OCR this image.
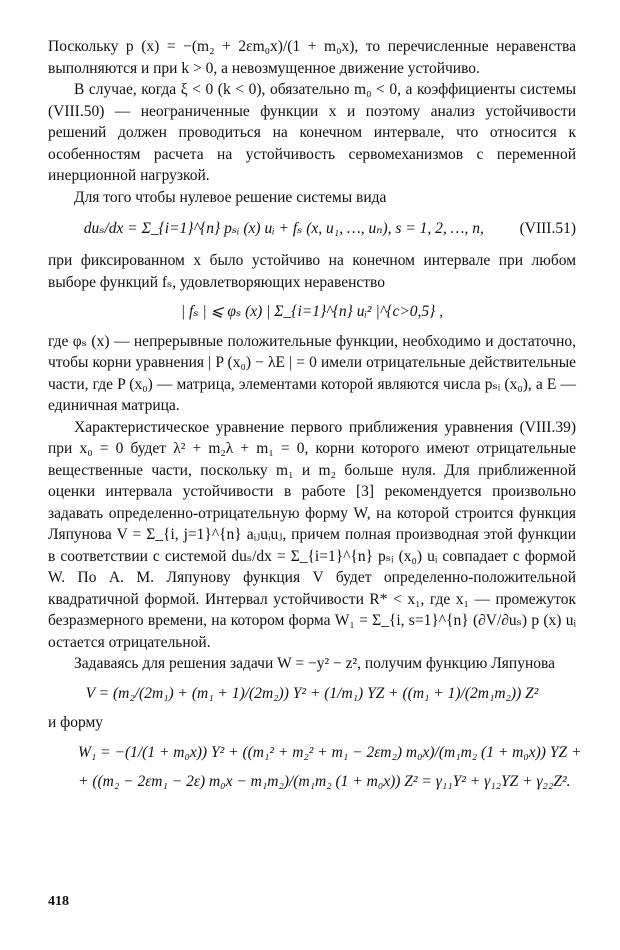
Поскольку p (x) = −(m₂ + 2εm₀x)/(1 + m₀x), то перечисленные неравенства выполняются и при k > 0, а невозмущенное движение устойчиво.

В случае, когда ξ < 0 (k < 0), обязательно m₀ < 0, а коэффициенты системы (VIII.50) — неограниченные функции x и поэтому анализ устойчивости решений должен проводиться на конечном интервале, что относится к особенностям расчета на устойчивость сервомеханизмов с переменной инерционной нагрузкой.

Для того чтобы нулевое решение системы вида

duₛ/dx = Σ_{i=1}^{n} pₛᵢ (x) uᵢ + fₛ (x, u₁, …, uₙ), s = 1, 2, …, n, (VIII.51)

при фиксированном x было устойчиво на конечном интервале при любом выборе функций fₛ, удовлетворяющих неравенство

| fₛ | ⩽ φₛ (x) | Σ_{i=1}^{n} uᵢ² |^{c>0,5} ,

где φₛ (x) — непрерывные положительные функции, необходимо и достаточно, чтобы корни уравнения | P (x₀) − λE | = 0 имели отрицательные действительные части, где P (x₀) — матрица, элементами которой являются числа pₛᵢ (x₀), а E — единичная матрица.

Характеристическое уравнение первого приближения уравнения (VIII.39) при x₀ = 0 будет λ² + m₂λ + m₁ = 0, корни которого имеют отрицательные вещественные части, поскольку m₁ и m₂ больше нуля. Для приближенной оценки интервала устойчивости в работе [3] рекомендуется произвольно задавать определенно-отрицательную форму W, на которой строится функция Ляпунова V = Σ_{i, j=1}^{n} aᵢⱼuᵢuⱼ, причем полная производная этой функции в соответствии с системой duₛ/dx = Σ_{i=1}^{n} pₛᵢ (x₀) uᵢ совпадает с формой W. По А. М. Ляпунову функция V будет определенно-положительной квадратичной формой. Интервал устойчивости R* < x₁, где x₁ — промежуток безразмерного времени, на котором форма W₁ = Σ_{i, s=1}^{n} (∂V/∂uₛ) p (x) uᵢ остается отрицательной.

Задаваясь для решения задачи W = −y² − z², получим функцию Ляпунова

V = (m₂/(2m₁) + (m₁ + 1)/(2m₂)) Y² + (1/m₁) YZ + ((m₁ + 1)/(2m₁m₂)) Z²

и форму

W₁ = −(1/(1 + m₀x)) Y² + ((m₁² + m₂² + m₁ − 2εm₂) m₀x)/(m₁m₂ (1 + m₀x)) YZ +
+ ((m₂ − 2εm₁ − 2ε) m₀x − m₁m₂)/(m₁m₂ (1 + m₀x)) Z² = γ₁₁Y² + γ₁₂YZ + γ₂₂Z².
418
